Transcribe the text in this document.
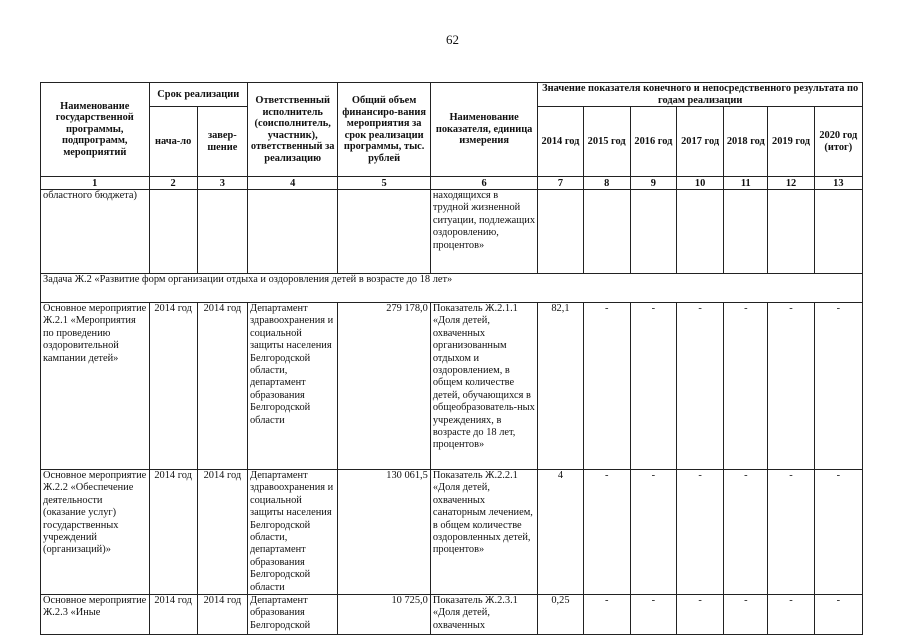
62
Наименование государственной программы, подпрограмм, мероприятий	Срок реализации		Ответственный исполнитель (соисполнитель, участник), ответственный за реализацию	Общий объем финансиро-вания мероприятия за срок реализации программы, тыс. рублей	Наименование показателя, единица измерения	Значение показателя конечного и непосредственного результата по годам реализации						
	нача-ло	завер-шение				2014 год	2015 год	2016 год	2017 год	2018 год	2019 год	2020 год (итог)
1	2	3	4	5	6	7	8	9	10	11	12	13
областного бюджета)					находящихся в трудной жизненной ситуации, подлежащих оздоровлению, процентов»							
Задача Ж.2 «Развитие форм организации отдыха и оздоровления детей в возрасте до 18 лет»												
Основное мероприятие Ж.2.1 «Мероприятия по проведению оздоровительной кампании детей»	2014 год	2014 год	Департамент здравоохранения и социальной защиты населения Белгородской области, департамент образования Белгородской области	279 178,0	Показатель Ж.2.1.1 «Доля детей, охваченных организованным отдыхом и оздоровлением, в общем количестве детей, обучающихся в общеобразователь-ных учреждениях, в возрасте до 18 лет, процентов»	82,1	-	-	-	-	-	-
Основное мероприятие Ж.2.2 «Обеспечение деятельности (оказание услуг) государственных учреждений (организаций)»	2014 год	2014 год	Департамент здравоохранения и социальной защиты населения Белгородской области, департамент образования Белгородской области	130 061,5	Показатель Ж.2.2.1 «Доля детей, охваченных санаторным лечением, в общем количестве оздоровленных детей, процентов»	4	-	-	-	-	-	-
Основное мероприятие Ж.2.3 «Иные	2014 год	2014 год	Департамент образования Белгородской	10 725,0	Показатель Ж.2.3.1 «Доля детей, охваченных	0,25	-	-	-	-	-	-
